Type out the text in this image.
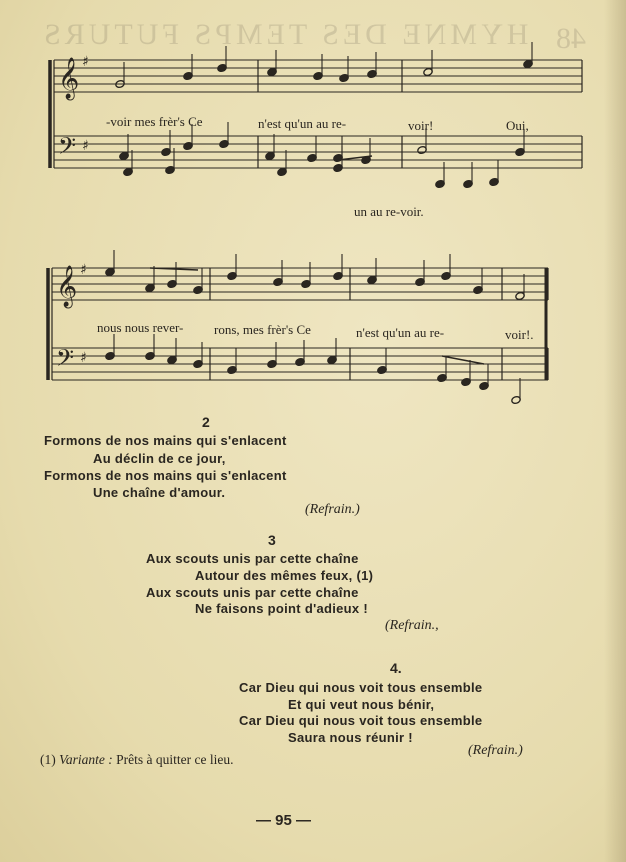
HYMNE DES TEMPS FUTURS 48
𝄞
𝄢
♯
♯
𝄞
𝄢
♯
♯
-voir mes frèr's Ce	n'est qu'un au re-	voir!	Oui,
un au re-voir.
nous nous rever- rons, mes frèr's Ce	n'est qu'un au re-	voir!.
2
Formons de nos mains qui s'enlacent
Au déclin de ce jour,
Formons de nos mains qui s'enlacent
Une chaîne d'amour.
(Refrain.)
3
Aux scouts unis par cette chaîne
Autour des mêmes feux, (1)
Aux scouts unis par cette chaîne
Ne faisons point d'adieux !
(Refrain.,
4.
Car Dieu qui nous voit tous ensemble
Et qui veut nous bénir,
Car Dieu qui nous voit tous ensemble
Saura nous réunir !
(Refrain.)
(1) Variante : Prêts à quitter ce lieu.
— 95 —
